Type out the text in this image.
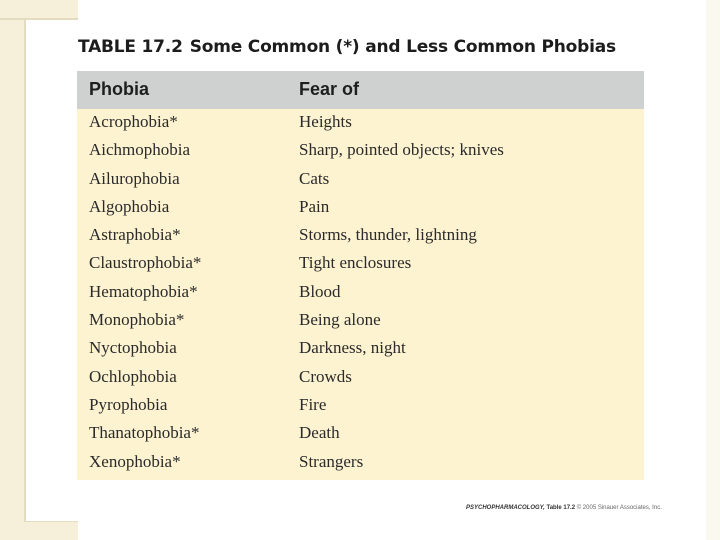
TABLE 17.2 Some Common (*) and Less Common Phobias
Phobia	Fear of
Acrophobia*	Heights
Aichmophobia	Sharp, pointed objects; knives
Ailurophobia	Cats
Algophobia	Pain
Astraphobia*	Storms, thunder, lightning
Claustrophobia*	Tight enclosures
Hematophobia*	Blood
Monophobia*	Being alone
Nyctophobia	Darkness, night
Ochlophobia	Crowds
Pyrophobia	Fire
Thanatophobia*	Death
Xenophobia*	Strangers
PSYCHOPHARMACOLOGY, Table 17.2 © 2005 Sinauer Associates, Inc.
